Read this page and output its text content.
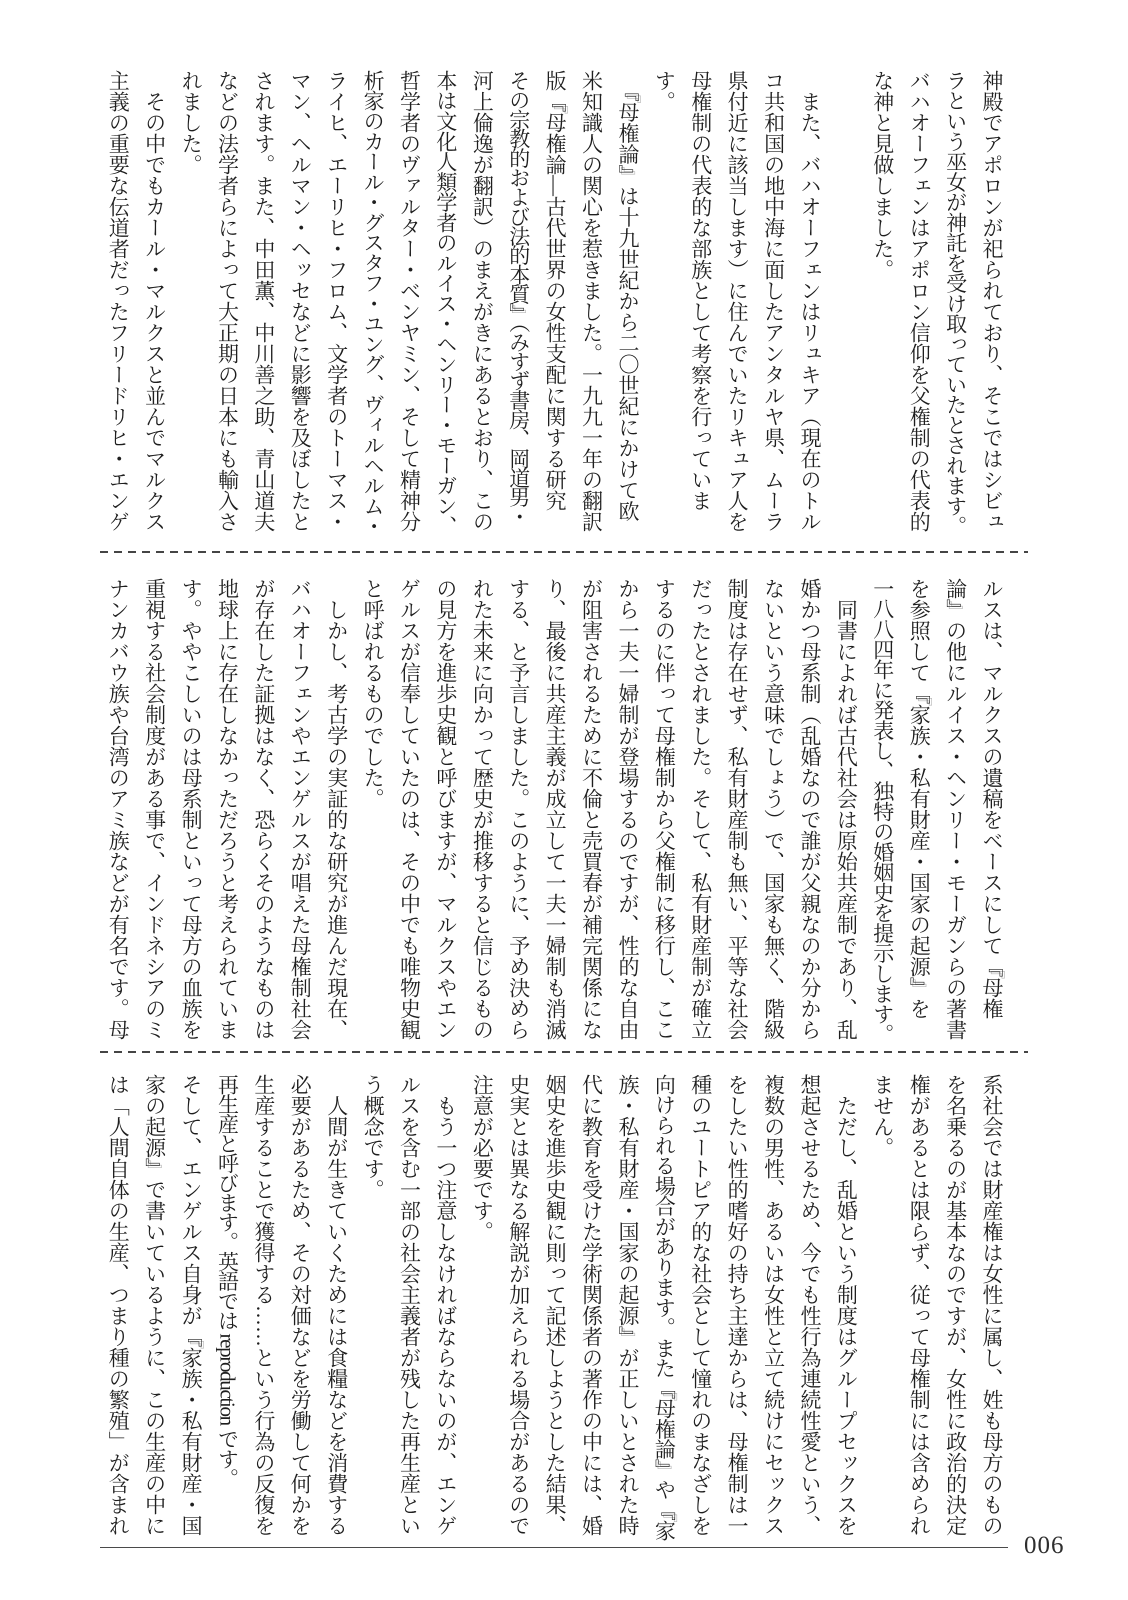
神殿でアポロンが祀られており、そこではシビュ
ラという巫女が神託を受け取っていたとされます。
バハオーフェンはアポロン信仰を父権制の代表的
な神と見做しました。

　また、バハオーフェンはリュキア（現在のトル
コ共和国の地中海に面したアンタルヤ県、ムーラ
県付近に該当します）に住んでいたリキュア人を
母権制の代表的な部族として考察を行っていま
す。
　『母権論』は十九世紀から二〇世紀にかけて欧
米知識人の関心を惹きました。一九九一年の翻訳
版『母権論―古代世界の女性支配に関する研究
その宗教的および法的本質』（みすず書房、岡道男・
河上倫逸が翻訳）のまえがきにあるとおり、この
本は文化人類学者のルイス・ヘンリー・モーガン、
哲学者のヴァルター・ベンヤミン、そして精神分
析家のカール・グスタフ・ユング、ヴィルヘルム・
ライヒ、エーリヒ・フロム、文学者のトーマス・
マン、ヘルマン・ヘッセなどに影響を及ぼしたと
されます。また、中田薫、中川善之助、青山道夫
などの法学者らによって大正期の日本にも輸入さ
れました。
　その中でもカール・マルクスと並んでマルクス
主義の重要な伝道者だったフリードリヒ・エンゲ
ルスは、マルクスの遺稿をベースにして『母権
論』の他にルイス・ヘンリー・モーガンらの著書
を参照して『家族・私有財産・国家の起源』を
一八八四年に発表し、独特の婚姻史を提示します。
　同書によれば古代社会は原始共産制であり、乱
婚かつ母系制（乱婚なので誰が父親なのか分から
ないという意味でしょう）で、国家も無く、階級
制度は存在せず、私有財産制も無い、平等な社会
だったとされました。そして、私有財産制が確立
するのに伴って母権制から父権制に移行し、ここ
から一夫一婦制が登場するのですが、性的な自由
が阻害されるために不倫と売買春が補完関係にな
り、最後に共産主義が成立して一夫一婦制も消滅
する、と予言しました。このように、予め決めら
れた未来に向かって歴史が推移すると信じるもの
の見方を進歩史観と呼びますが、マルクスやエン
ゲルスが信奉していたのは、その中でも唯物史観
と呼ばれるものでした。
　しかし、考古学の実証的な研究が進んだ現在、
バハオーフェンやエンゲルスが唱えた母権制社会
が存在した証拠はなく、恐らくそのようなものは
地球上に存在しなかっただろうと考えられていま
す。ややこしいのは母系制といって母方の血族を
重視する社会制度がある事で、インドネシアのミ
ナンカバウ族や台湾のアミ族などが有名です。母
系社会では財産権は女性に属し、姓も母方のもの
を名乗るのが基本なのですが、女性に政治的決定
権があるとは限らず、従って母権制には含められ
ません。
　ただし、乱婚という制度はグループセックスを
想起させるため、今でも性行為連続性愛という、
複数の男性、あるいは女性と立て続けにセックス
をしたい性的嗜好の持ち主達からは、母権制は一
種のユートピア的な社会として憧れのまなざしを
向けられる場合があります。また『母権論』や『家
族・私有財産・国家の起源』が正しいとされた時
代に教育を受けた学術関係者の著作の中には、婚
姻史を進歩史観に則って記述しようとした結果、
史実とは異なる解説が加えられる場合があるので
注意が必要です。
　もう一つ注意しなければならないのが、エンゲ
ルスを含む一部の社会主義者が残した再生産とい
う概念です。
　人間が生きていくためには食糧などを消費する
必要があるため、その対価などを労働して何かを
生産することで獲得する……という行為の反復を
再生産と呼びます。英語では reproduction です。
そして、エンゲルス自身が『家族・私有財産・国
家の起源』で書いているように、この生産の中に
は「人間自体の生産、つまり種の繁殖」が含まれ
006
